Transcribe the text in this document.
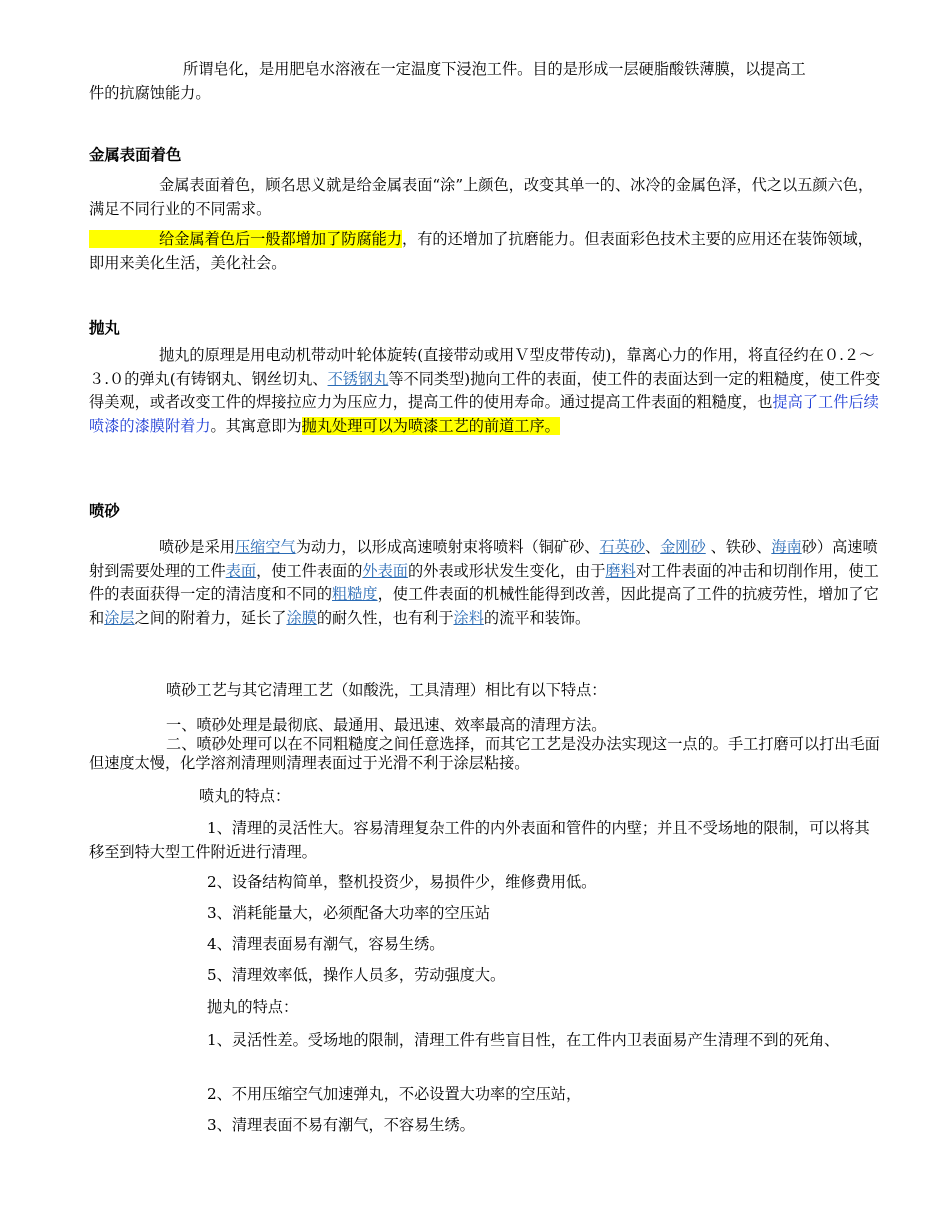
所谓皂化，是用肥皂水溶液在一定温度下浸泡工件。目的是形成一层硬脂酸铁薄膜，以提高工
件的抗腐蚀能力。

金属表面着色

金属表面着色，顾名思义就是给金属表面“涂”上颜色，改变其单一的、冰冷的金属色泽，代之以五颜六色，满足不同行业的不同需求。

给金属着色后一般都增加了防腐能力，有的还增加了抗磨能力。但表面彩色技术主要的应用还在装饰领域，即用来美化生活，美化社会。

抛丸

抛丸的原理是用电动机带动叶轮体旋转(直接带动或用Ｖ型皮带传动)，靠离心力的作用，将直径约在０.２～３.０的弹丸(有铸钢丸、钢丝切丸、不锈钢丸等不同类型)抛向工件的表面，使工件的表面达到一定的粗糙度，使工件变得美观，或者改变工件的焊接拉应力为压应力，提高工件的使用寿命。通过提高工件表面的粗糙度，也提高了工件后续喷漆的漆膜附着力。其寓意即为抛丸处理可以为喷漆工艺的前道工序。

喷砂

喷砂是采用压缩空气为动力，以形成高速喷射束将喷料（铜矿砂、石英砂、金刚砂 、铁砂、海南砂）高速喷射到需要处理的工件表面，使工件表面的外表面的外表或形状发生变化，由于磨料对工件表面的冲击和切削作用，使工件的表面获得一定的清洁度和不同的粗糙度，使工件表面的机械性能得到改善，因此提高了工件的抗疲劳性，增加了它和涂层之间的附着力，延长了涂膜的耐久性，也有利于涂料的流平和装饰。

喷砂工艺与其它清理工艺（如酸洗，工具清理）相比有以下特点：

一、喷砂处理是最彻底、最通用、最迅速、效率最高的清理方法。

二、喷砂处理可以在不同粗糙度之间任意选择，而其它工艺是没办法实现这一点的。手工打磨可以打出毛面但速度太慢，化学溶剂清理则清理表面过于光滑不利于涂层粘接。

喷丸的特点：

1、清理的灵活性大。容易清理复杂工件的内外表面和管件的内壁；并且不受场地的限制，可以将其移至到特大型工件附近进行清理。

2、设备结构简单，整机投资少，易损件少，维修费用低。

3、消耗能量大，必须配备大功率的空压站

4、清理表面易有潮气，容易生绣。

5、清理效率低，操作人员多，劳动强度大。

抛丸的特点：

1、灵活性差。受场地的限制，清理工件有些盲目性，在工件内卫表面易产生清理不到的死角、

2、不用压缩空气加速弹丸，不必设置大功率的空压站，

3、清理表面不易有潮气，不容易生绣。
